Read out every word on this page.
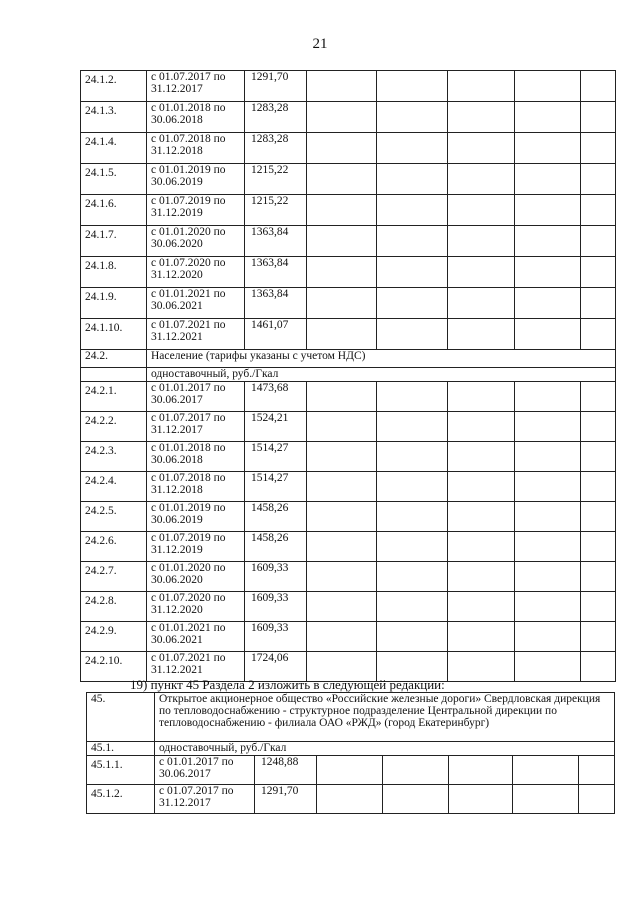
21
24.1.2.	с 01.07.2017 по 31.12.2017	1291,70					
24.1.3.	с 01.01.2018 по 30.06.2018	1283,28					
24.1.4.	с 01.07.2018 по 31.12.2018	1283,28					
24.1.5.	с 01.01.2019 по 30.06.2019	1215,22					
24.1.6.	с 01.07.2019 по 31.12.2019	1215,22					
24.1.7.	с 01.01.2020 по 30.06.2020	1363,84					
24.1.8.	с 01.07.2020 по 31.12.2020	1363,84					
24.1.9.	с 01.01.2021 по 30.06.2021	1363,84					
24.1.10.	с 01.07.2021 по 31.12.2021	1461,07					
24.2.	Население (тарифы указаны с учетом НДС)						
	одноставочный, руб./Гкал						
24.2.1.	с 01.01.2017 по 30.06.2017	1473,68					
24.2.2.	с 01.07.2017 по 31.12.2017	1524,21					
24.2.3.	с 01.01.2018 по 30.06.2018	1514,27					
24.2.4.	с 01.07.2018 по 31.12.2018	1514,27					
24.2.5.	с 01.01.2019 по 30.06.2019	1458,26					
24.2.6.	с 01.07.2019 по 31.12.2019	1458,26					
24.2.7.	с 01.01.2020 по 30.06.2020	1609,33					
24.2.8.	с 01.07.2020 по 31.12.2020	1609,33					
24.2.9.	с 01.01.2021 по 30.06.2021	1609,33					
24.2.10.	с 01.07.2021 по 31.12.2021	1724,06					
19) пункт 45 Раздела 2 изложить в следующей редакции:
45.	Открытое акционерное общество «Российские железные дороги» Свердловская дирекция по тепловодоснабжению - структурное подразделение Центральной дирекции по тепловодоснабжению - филиала ОАО «РЖД» (город Екатеринбург)						
45.1.	одноставочный, руб./Гкал						
45.1.1.	с 01.01.2017 по 30.06.2017	1248,88					
45.1.2.	с 01.07.2017 по 31.12.2017	1291,70					
